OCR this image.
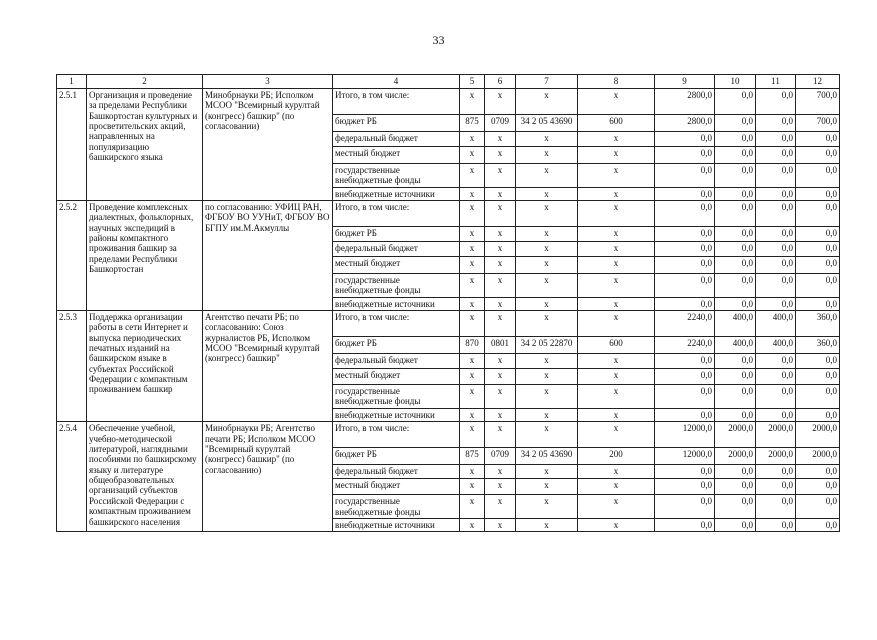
33
1	2	3	4	5	6	7	8	9	10	11	12
2.5.1	Организация и проведение за пределами Республики Башкортостан культурных и просветительских акций, направленных на популяризацию башкирского языка	Минобрнауки РБ; Исполком МСОО "Всемирный курултай (конгресс) башкир" (по согласовании)	Итого, в том числе:	x	x	x	x	2800,0	0,0	0,0	700,0
			бюджет РБ	875	0709	34 2 05 43690	600	2800,0	0,0	0,0	700,0
			федеральный бюджет	x	x	x	x	0,0	0,0	0,0	0,0
			местный бюджет	x	x	x	x	0,0	0,0	0,0	0,0
			государственные внебюджетные фонды	x	x	x	x	0,0	0,0	0,0	0,0
			внебюджетные источники	x	x	x	x	0,0	0,0	0,0	0,0
2.5.2	Проведение комплексных диалектных, фольклорных, научных экспедиций в районы компактного проживания башкир за пределами Республики Башкортостан	по согласованию: УФИЦ РАН, ФГБОУ ВО УУНиТ, ФГБОУ ВО БГПУ им.М.Акмуллы	Итого, в том числе:	x	x	x	x	0,0	0,0	0,0	0,0
			бюджет РБ	x	x	x	x	0,0	0,0	0,0	0,0
			федеральный бюджет	x	x	x	x	0,0	0,0	0,0	0,0
			местный бюджет	x	x	x	x	0,0	0,0	0,0	0,0
			государственные внебюджетные фонды	x	x	x	x	0,0	0,0	0,0	0,0
			внебюджетные источники	x	x	x	x	0,0	0,0	0,0	0,0
2.5.3	Поддержка организации работы в сети Интернет и выпуска периодических печатных изданий на башкирском языке в субъектах Российской Федерации с компактным проживанием башкир	Агентство печати РБ; по согласованию: Союз журналистов РБ, Исполком МСОО "Всемирный курултай (конгресс) башкир"	Итого, в том числе:	x	x	x	x	2240,0	400,0	400,0	360,0
			бюджет РБ	870	0801	34 2 05 22870	600	2240,0	400,0	400,0	360,0
			федеральный бюджет	x	x	x	x	0,0	0,0	0,0	0,0
			местный бюджет	x	x	x	x	0,0	0,0	0,0	0,0
			государственные внебюджетные фонды	x	x	x	x	0,0	0,0	0,0	0,0
			внебюджетные источники	x	x	x	x	0,0	0,0	0,0	0,0
2.5.4	Обеспечение учебной, учебно-методической литературой, наглядными пособиями по башкирскому языку и литературе общеобразовательных организаций субъектов Российской Федерации с компактным проживанием башкирского населения	Минобрнауки РБ; Агентство печати РБ; Исполком МСОО "Всемирный курултай (конгресс) башкир" (по согласованию)	Итого, в том числе:	x	x	x	x	12000,0	2000,0	2000,0	2000,0
			бюджет РБ	875	0709	34 2 05 43690	200	12000,0	2000,0	2000,0	2000,0
			федеральный бюджет	x	x	x	x	0,0	0,0	0,0	0,0
			местный бюджет	x	x	x	x	0,0	0,0	0,0	0,0
			государственные внебюджетные фонды	x	x	x	x	0,0	0,0	0,0	0,0
			внебюджетные источники	x	x	x	x	0,0	0,0	0,0	0,0
